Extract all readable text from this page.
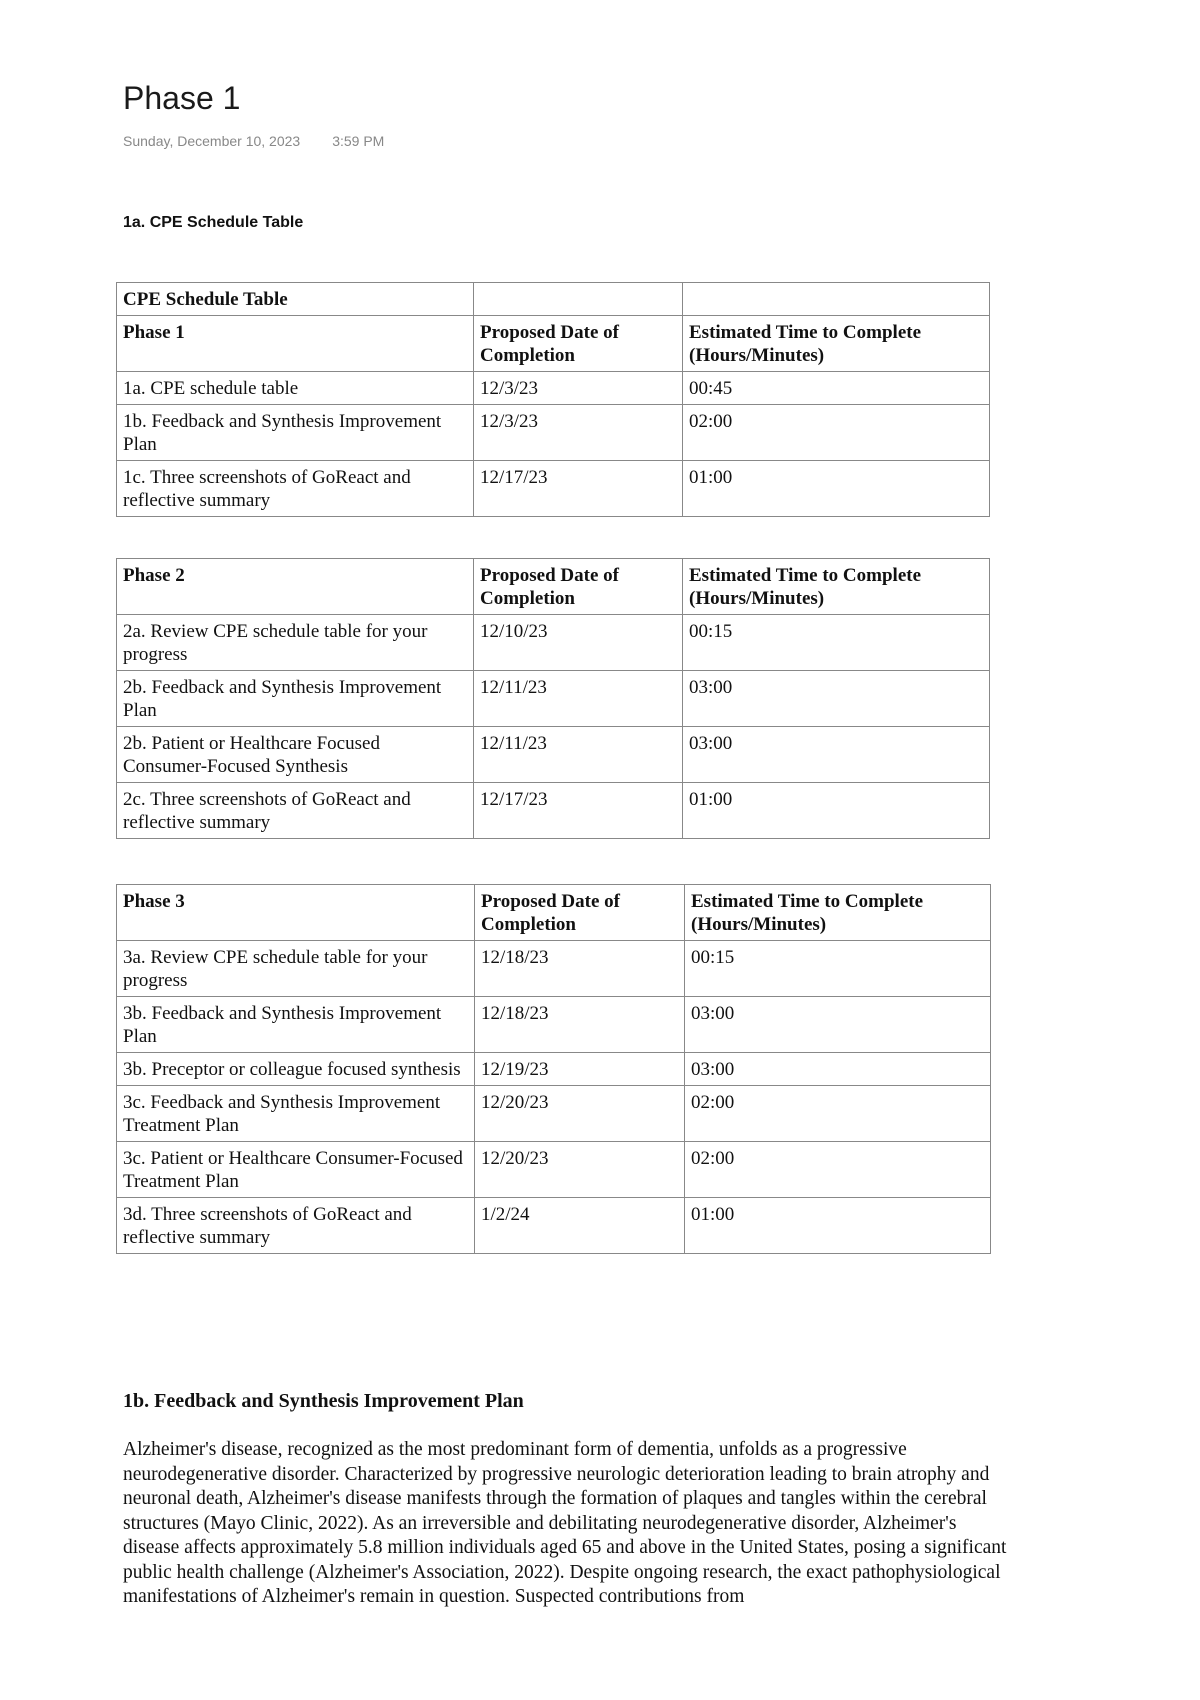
Phase 1
Sunday, December 10, 2023 3:59 PM
1a. CPE Schedule Table
CPE Schedule Table		
Phase 1	Proposed Date of Completion	Estimated Time to Complete (Hours/Minutes)
1a. CPE schedule table	12/3/23	00:45
1b. Feedback and Synthesis Improvement Plan	12/3/23	02:00
1c. Three screenshots of GoReact and reflective summary	12/17/23	01:00
Phase 2	Proposed Date of Completion	Estimated Time to Complete (Hours/Minutes)
2a. Review CPE schedule table for your progress	12/10/23	00:15
2b. Feedback and Synthesis Improvement Plan	12/11/23	03:00
2b. Patient or Healthcare Focused Consumer-Focused Synthesis	12/11/23	03:00
2c. Three screenshots of GoReact and reflective summary	12/17/23	01:00
Phase 3	Proposed Date of Completion	Estimated Time to Complete (Hours/Minutes)
3a. Review CPE schedule table for your progress	12/18/23	00:15
3b. Feedback and Synthesis Improvement Plan	12/18/23	03:00
3b. Preceptor or colleague focused synthesis	12/19/23	03:00
3c. Feedback and Synthesis Improvement Treatment Plan	12/20/23	02:00
3c. Patient or Healthcare Consumer-Focused Treatment Plan	12/20/23	02:00
3d. Three screenshots of GoReact and reflective summary	1/2/24	01:00
1b. Feedback and Synthesis Improvement Plan

Alzheimer's disease, recognized as the most predominant form of dementia, unfolds as a progressive neurodegenerative disorder. Characterized by progressive neurologic deterioration leading to brain atrophy and neuronal death, Alzheimer's disease manifests through the formation of plaques and tangles within the cerebral structures (Mayo Clinic, 2022). As an irreversible and debilitating neurodegenerative disorder, Alzheimer's disease affects approximately 5.8 million individuals aged 65 and above in the United States, posing a significant public health challenge (Alzheimer's Association, 2022). Despite ongoing research, the exact pathophysiological manifestations of Alzheimer's remain in question. Suspected contributions from
